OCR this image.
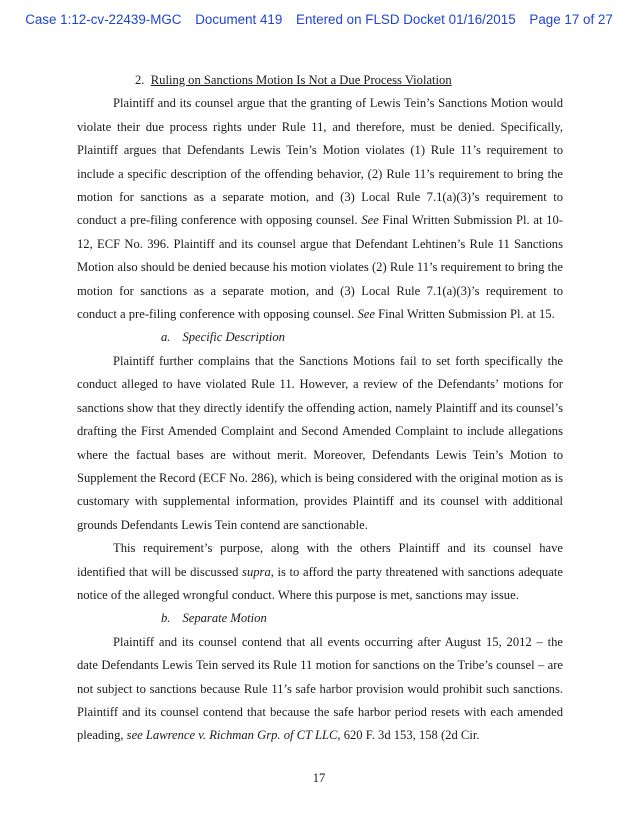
Case 1:12-cv-22439-MGC Document 419 Entered on FLSD Docket 01/16/2015 Page 17 of 27

2. Ruling on Sanctions Motion Is Not a Due Process Violation

Plaintiff and its counsel argue that the granting of Lewis Tein’s Sanctions Motion would violate their due process rights under Rule 11, and therefore, must be denied. Specifically, Plaintiff argues that Defendants Lewis Tein’s Motion violates (1) Rule 11’s requirement to include a specific description of the offending behavior, (2) Rule 11’s requirement to bring the motion for sanctions as a separate motion, and (3) Local Rule 7.1(a)(3)’s requirement to conduct a pre-filing conference with opposing counsel. See Final Written Submission Pl. at 10-12, ECF No. 396. Plaintiff and its counsel argue that Defendant Lehtinen’s Rule 11 Sanctions Motion also should be denied because his motion violates (2) Rule 11’s requirement to bring the motion for sanctions as a separate motion, and (3) Local Rule 7.1(a)(3)’s requirement to conduct a pre-filing conference with opposing counsel. See Final Written Submission Pl. at 15.

a. Specific Description

Plaintiff further complains that the Sanctions Motions fail to set forth specifically the conduct alleged to have violated Rule 11. However, a review of the Defendants’ motions for sanctions show that they directly identify the offending action, namely Plaintiff and its counsel’s drafting the First Amended Complaint and Second Amended Complaint to include allegations where the factual bases are without merit. Moreover, Defendants Lewis Tein’s Motion to Supplement the Record (ECF No. 286), which is being considered with the original motion as is customary with supplemental information, provides Plaintiff and its counsel with additional grounds Defendants Lewis Tein contend are sanctionable.

This requirement’s purpose, along with the others Plaintiff and its counsel have identified that will be discussed supra, is to afford the party threatened with sanctions adequate notice of the alleged wrongful conduct. Where this purpose is met, sanctions may issue.

b. Separate Motion

Plaintiff and its counsel contend that all events occurring after August 15, 2012 – the date Defendants Lewis Tein served its Rule 11 motion for sanctions on the Tribe’s counsel – are not subject to sanctions because Rule 11’s safe harbor provision would prohibit such sanctions. Plaintiff and its counsel contend that because the safe harbor period resets with each amended pleading, see Lawrence v. Richman Grp. of CT LLC, 620 F. 3d 153, 158 (2d Cir.

17
